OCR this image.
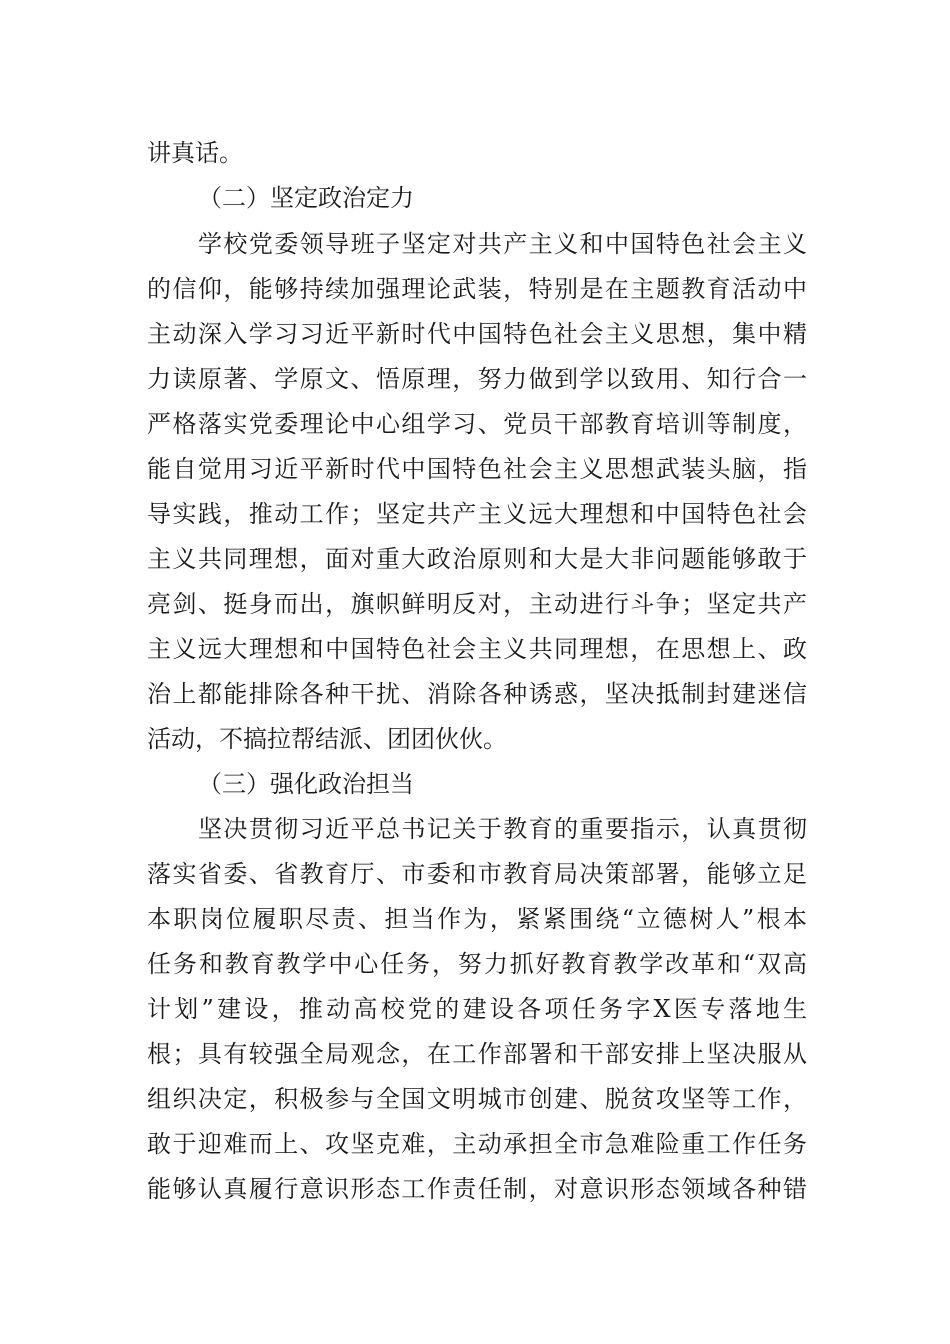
讲真话。
（二）坚定政治定力
学校党委领导班子坚定对共产主义和中国特色社会主义
的信仰，能够持续加强理论武装，特别是在主题教育活动中
主动深入学习习近平新时代中国特色社会主义思想，集中精
力读原著、学原文、悟原理，努力做到学以致用、知行合一
严格落实党委理论中心组学习、党员干部教育培训等制度，
能自觉用习近平新时代中国特色社会主义思想武装头脑，指
导实践，推动工作；坚定共产主义远大理想和中国特色社会
主义共同理想，面对重大政治原则和大是大非问题能够敢于
亮剑、挺身而出，旗帜鲜明反对，主动进行斗争；坚定共产
主义远大理想和中国特色社会主义共同理想，在思想上、政
治上都能排除各种干扰、消除各种诱惑，坚决抵制封建迷信
活动，不搞拉帮结派、团团伙伙。
（三）强化政治担当
坚决贯彻习近平总书记关于教育的重要指示，认真贯彻
落实省委、省教育厅、市委和市教育局决策部署，能够立足
本职岗位履职尽责、担当作为，紧紧围绕“立德树人”根本
任务和教育教学中心任务，努力抓好教育教学改革和“双高
计划”建设，推动高校党的建设各项任务字X医专落地生
根；具有较强全局观念，在工作部署和干部安排上坚决服从
组织决定，积极参与全国文明城市创建、脱贫攻坚等工作，
敢于迎难而上、攻坚克难，主动承担全市急难险重工作任务
能够认真履行意识形态工作责任制，对意识形态领域各种错
